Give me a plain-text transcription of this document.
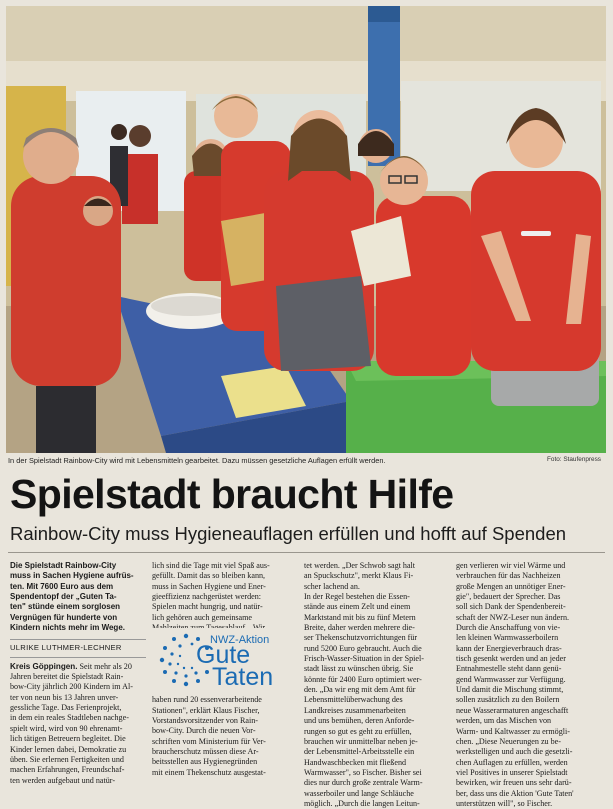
In der Spielstadt Rainbow-City wird mit Lebensmitteln gearbeitet. Dazu müssen gesetzliche Auflagen erfüllt werden.	Foto: Staufenpress
Spielstadt braucht Hilfe
Rainbow-City muss Hygieneauflagen erfüllen und hofft auf Spenden
Die Spielstadt Rainbow-City
muss in Sachen Hygiene aufrüs-
ten. Mit 7600 Euro aus dem
Spendentopf der „Guten Ta-
ten" stünde einem sorglosen
Vergnügen für hunderte von
Kindern nichts mehr im Wege.
ULRIKE LUTHMER-LECHNER
Kreis Göppingen. Seit mehr als 20
Jahren bereitet die Spielstadt Rain-
bow-City jährlich 200 Kindern im Al-
ter von neun bis 13 Jahren unver-
gessliche Tage. Das Ferienprojekt,
in dem ein reales Stadtleben nachge-
spielt wird, wird von 90 ehrenamt-
lich tätigen Betreuern begleitet. Die
Kinder lernen dabei, Demokratie zu
üben. Sie erlernen Fertigkeiten und
machen Erfahrungen, Freundschaf-
ten werden aufgebaut und natür-
lich sind die Tage mit viel Spaß aus-
gefüllt. Damit das so bleiben kann,
muss in Sachen Hygiene und Ener-
gieeffizienz nachgerüstet werden:
Spielen macht hungrig, und natür-
lich gehören auch gemeinsame
haben rund 20 essenverarbeitende
Stationen", erklärt Klaus Fischer,
Vorstandsvorsitzender von Rain-
bow-City. Durch die neuen Vor-
schriften vom Ministerium für Ver-
braucherschutz müssen diese Ar-
beitsstellen aus Hygienegründen
mit einem Thekenschutz ausgestat-
NWZ-Aktion
Gute
Taten
tet werden. „Der Schwob sagt halt
an Spuckschutz", merkt Klaus Fi-
scher lachend an.
In der Regel bestehen die Essen-
stände aus einem Zelt und einem
Marktstand mit bis zu fünf Metern
Breite, daher werden mehrere die-
ser Thekenschutzvorrichtungen für
rund 5200 Euro gebraucht. Auch die
Frisch-Wasser-Situation in der Spiel-
stadt lässt zu wünschen übrig. Sie
könnte für 2400 Euro optimiert wer-
den. „Da wir eng mit dem Amt für
Lebensmittelüberwachung des
Landkreises zusammenarbeiten
und uns bemühen, deren Anforde-
rungen so gut es geht zu erfüllen,
brauchen wir unmittelbar neben je-
der Lebensmittel-Arbeitsstelle ein
Handwaschbecken mit fließend
Warmwasser", so Fischer. Bisher sei
dies nur durch große zentrale Warm-
wasserboiler und lange Schläuche
möglich. „Durch die langen Leitun-
gen verlieren wir viel Wärme und
verbrauchen für das Nachheizen
große Mengen an unnötiger Ener-
gie", bedauert der Sprecher. Das
soll sich Dank der Spendenbereit-
schaft der NWZ-Leser nun ändern.
Durch die Anschaffung von vie-
len kleinen Warmwasserboilern
kann der Energieverbrauch dras-
tisch gesenkt werden und an jeder
Entnahmestelle steht dann genü-
gend Warmwasser zur Verfügung.
Und damit die Mischung stimmt,
sollen zusätzlich zu den Boilern
neue Wasserarmaturen angeschafft
werden, um das Mischen von
Warm- und Kaltwasser zu ermögli-
chen. „Diese Neuerungen zu be-
werkstelligen und auch die gesetzli-
chen Auflagen zu erfüllen, werden
viel Positives in unserer Spielstadt
bewirken, wir freuen uns sehr darü-
ber, dass uns die Aktion 'Gute Taten'
unterstützen will", so Fischer.
